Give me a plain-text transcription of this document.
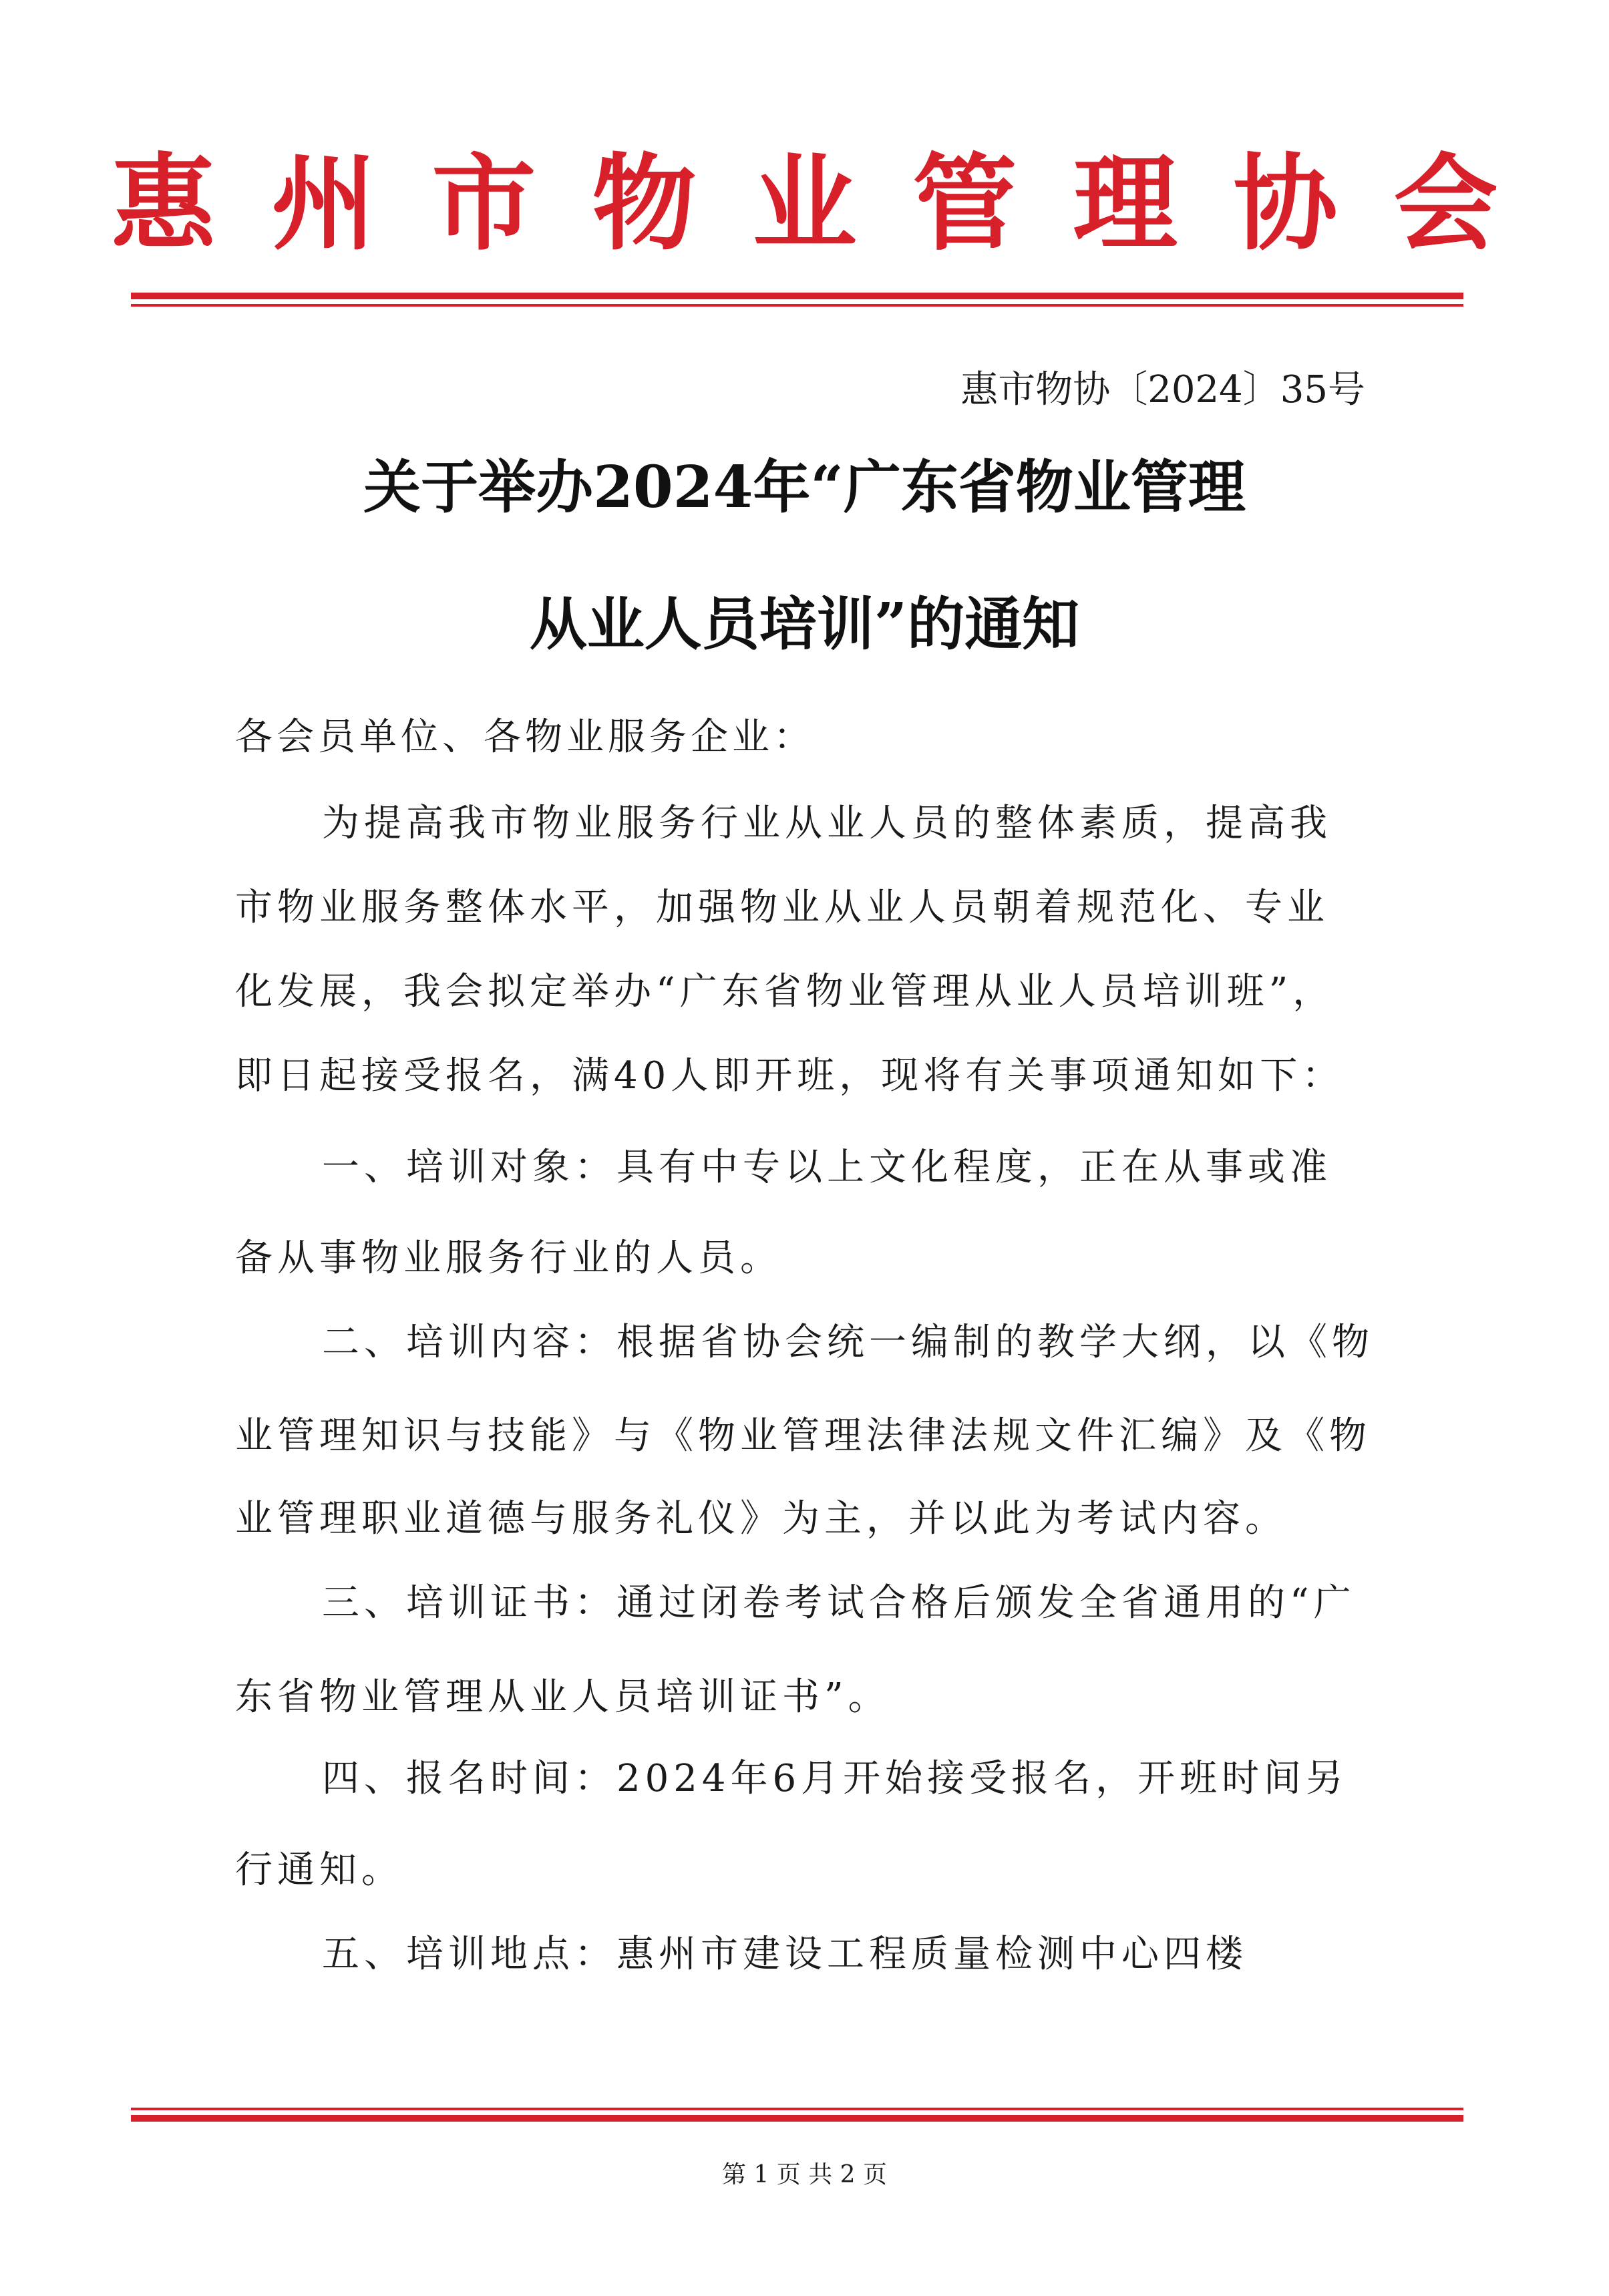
惠州市物业管理协会
惠市物协〔2024〕35号
关于举办2024年“广东省物业管理
从业人员培训”的通知
各会员单位、各物业服务企业：
为提高我市物业服务行业从业人员的整体素质，提高我
市物业服务整体水平，加强物业从业人员朝着规范化、专业
化发展，我会拟定举办“广东省物业管理从业人员培训班”，
即日起接受报名，满40人即开班，现将有关事项通知如下：
一、培训对象：具有中专以上文化程度，正在从事或准
备从事物业服务行业的人员。
二、培训内容：根据省协会统一编制的教学大纲，以《物
业管理知识与技能》与《物业管理法律法规文件汇编》及《物
业管理职业道德与服务礼仪》为主，并以此为考试内容。
三、培训证书：通过闭卷考试合格后颁发全省通用的“广
东省物业管理从业人员培训证书”。
四、报名时间：2024年6月开始接受报名，开班时间另
行通知。
五、培训地点：惠州市建设工程质量检测中心四楼
第 1 页 共 2 页
